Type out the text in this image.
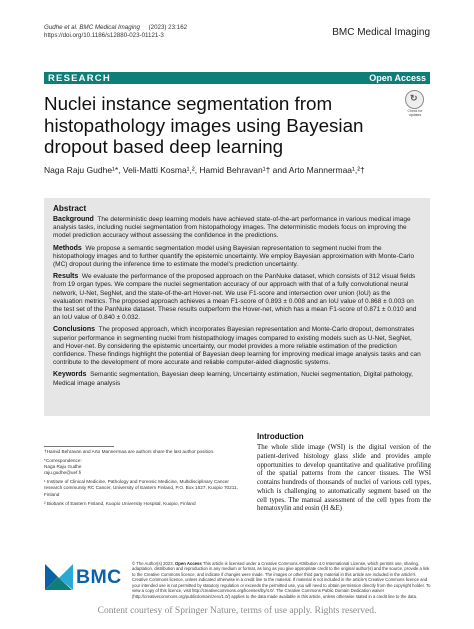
Gudhe et al. BMC Medical Imaging (2023) 23:162
https://doi.org/10.1186/s12880-023-01121-3	BMC Medical Imaging
RESEARCH	Open Access
↻
Check for
updates
Nuclei instance segmentation from histopathology images using Bayesian dropout based deep learning
Naga Raju Gudhe¹*, Veli-Matti Kosma¹,², Hamid Behravan¹† and Arto Mannermaa¹,²†
Abstract

Background The deterministic deep learning models have achieved state-of-the-art performance in various medical image analysis tasks, including nuclei segmentation from histopathology images. The deterministic models focus on improving the model prediction accuracy without assessing the confidence in the predictions.

Methods We propose a semantic segmentation model using Bayesian representation to segment nuclei from the histopathology images and to further quantify the epistemic uncertainty. We employ Bayesian approximation with Monte-Carlo (MC) dropout during the inference time to estimate the model’s prediction uncertainty.

Results We evaluate the performance of the proposed approach on the PanNuke dataset, which consists of 312 visual fields from 19 organ types. We compare the nuclei segmentation accuracy of our approach with that of a fully convolutional neural network, U-Net, SegNet, and the state-of-the-art Hover-net. We use F1-score and intersection over union (IoU) as the evaluation metrics. The proposed approach achieves a mean F1-score of 0.893 ± 0.008 and an IoU value of 0.868 ± 0.003 on the test set of the PanNuke dataset. These results outperform the Hover-net, which has a mean F1-score of 0.871 ± 0.010 and an IoU value of 0.840 ± 0.032.

Conclusions The proposed approach, which incorporates Bayesian representation and Monte-Carlo dropout, demonstrates superior performance in segmenting nuclei from histopathology images compared to existing models such as U-Net, SegNet, and Hover-net. By considering the epistemic uncertainty, our model provides a more reliable estimation of the prediction confidence. These findings highlight the potential of Bayesian deep learning for improving medical image analysis tasks and can contribute to the development of more accurate and reliable computer-aided diagnostic systems.

Keywords Semantic segmentation, Bayesian deep learning, Uncertainty estimation, Nuclei segmentation, Digital pathology, Medical image analysis

†Hamid Behravan and Arto Mannermaa are authors share the last author position.

*Correspondence:
Naga Raju Gudhe
raju.gudhe@uef.fi

¹ Institute of Clinical Medicine, Pathology and Forensic Medicine, Multidisciplinary Cancer research community RC Cancer, University of Eastern Finland, P.O. Box 1627, Kuopio 70211, Finland

² Biobank of Eastern Finland, Kuopio University Hospital, Kuopio, Finland

Introduction

The whole slide image (WSI) is the digital version of the patient-derived histology glass slide and provides ample opportunities to develop quantitative and qualitative profiling of the spatial patterns from the cancer tissues. The WSI contains hundreds of thousands of nuclei of various cell types, which is challenging to automatically segment based on the cell types. The manual assessment of the cell types from the hematoxylin and eosin (H &E)

BMC
© The Author(s) 2023. Open Access This article is licensed under a Creative Commons Attribution 4.0 International License, which permits use, sharing, adaptation, distribution and reproduction in any medium or format, as long as you give appropriate credit to the original author(s) and the source, provide a link to the Creative Commons licence, and indicate if changes were made. The images or other third party material in this article are included in the article’s Creative Commons licence, unless indicated otherwise in a credit line to the material. If material is not included in the article’s Creative Commons licence and your intended use is not permitted by statutory regulation or exceeds the permitted use, you will need to obtain permission directly from the copyright holder. To view a copy of this licence, visit http://creativecommons.org/licenses/by/4.0/. The Creative Commons Public Domain Dedication waiver (http://creativecommons.org/publicdomain/zero/1.0/) applies to the data made available in this article, unless otherwise stated in a credit line to the data.
Content courtesy of Springer Nature, terms of use apply. Rights reserved.
